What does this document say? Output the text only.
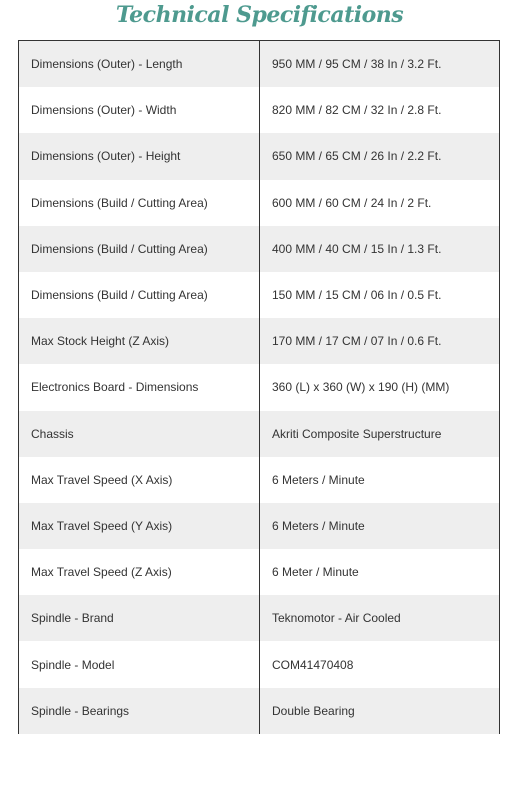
Technical Specifications
Dimensions (Outer) - Length	950 MM / 95 CM / 38 In / 3.2 Ft.
Dimensions (Outer) - Width	820 MM / 82 CM / 32 In / 2.8 Ft.
Dimensions (Outer) - Height	650 MM / 65 CM / 26 In / 2.2 Ft.
Dimensions (Build / Cutting Area)	600 MM / 60 CM / 24 In / 2 Ft.
Dimensions (Build / Cutting Area)	400 MM / 40 CM / 15 In / 1.3 Ft.
Dimensions (Build / Cutting Area)	150 MM / 15 CM / 06 In / 0.5 Ft.
Max Stock Height (Z Axis)	170 MM / 17 CM / 07 In / 0.6 Ft.
Electronics Board - Dimensions	360 (L) x 360 (W) x 190 (H) (MM)
Chassis	Akriti Composite Superstructure
Max Travel Speed (X Axis)	6 Meters / Minute
Max Travel Speed (Y Axis)	6 Meters / Minute
Max Travel Speed (Z Axis)	6 Meter / Minute
Spindle - Brand	Teknomotor - Air Cooled
Spindle - Model	COM41470408
Spindle - Bearings	Double Bearing
